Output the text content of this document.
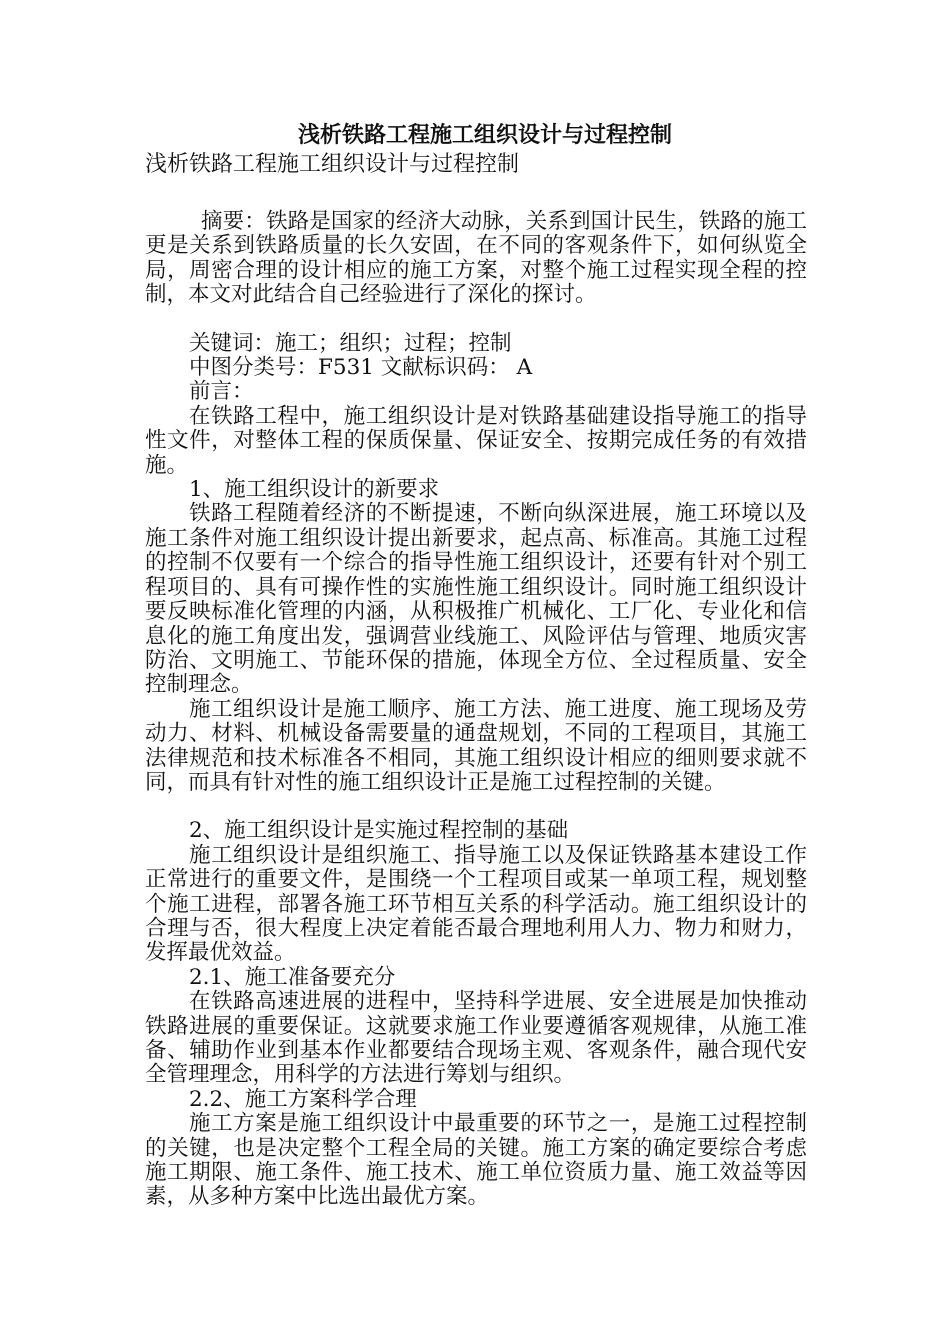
浅析铁路工程施工组织设计与过程控制

浅析铁路工程施工组织设计与过程控制

摘要：铁路是国家的经济大动脉，关系到国计民生，铁路的施工更是关系到铁路质量的长久安固，在不同的客观条件下，如何纵览全局，周密合理的设计相应的施工方案，对整个施工过程实现全程的控制，本文对此结合自己经验进行了深化的探讨。

关键词：施工；组织；过程；控制

中图分类号：F531 文献标识码： A

前言：

在铁路工程中，施工组织设计是对铁路基础建设指导施工的指导性文件，对整体工程的保质保量、保证安全、按期完成任务的有效措施。

1、施工组织设计的新要求

铁路工程随着经济的不断提速，不断向纵深进展，施工环境以及施工条件对施工组织设计提出新要求，起点高、标准高。其施工过程的控制不仅要有一个综合的指导性施工组织设计，还要有针对个别工程项目的、具有可操作性的实施性施工组织设计。同时施工组织设计要反映标准化管理的内涵，从积极推广机械化、工厂化、专业化和信息化的施工角度出发，强调营业线施工、风险评估与管理、地质灾害防治、文明施工、节能环保的措施，体现全方位、全过程质量、安全控制理念。

施工组织设计是施工顺序、施工方法、施工进度、施工现场及劳动力、材料、机械设备需要量的通盘规划，不同的工程项目，其施工法律规范和技术标准各不相同，其施工组织设计相应的细则要求就不同，而具有针对性的施工组织设计正是施工过程控制的关键。

2、施工组织设计是实施过程控制的基础

施工组织设计是组织施工、指导施工以及保证铁路基本建设工作正常进行的重要文件，是围绕一个工程项目或某一单项工程，规划整个施工进程，部署各施工环节相互关系的科学活动。施工组织设计的合理与否，很大程度上决定着能否最合理地利用人力、物力和财力，发挥最优效益。

2.1、施工准备要充分

在铁路高速进展的进程中，坚持科学进展、安全进展是加快推动铁路进展的重要保证。这就要求施工作业要遵循客观规律，从施工准备、辅助作业到基本作业都要结合现场主观、客观条件，融合现代安全管理理念，用科学的方法进行筹划与组织。

2.2、施工方案科学合理

施工方案是施工组织设计中最重要的环节之一，是施工过程控制的关键，也是决定整个工程全局的关键。施工方案的确定要综合考虑施工期限、施工条件、施工技术、施工单位资质力量、施工效益等因素，从多种方案中比选出最优方案。
